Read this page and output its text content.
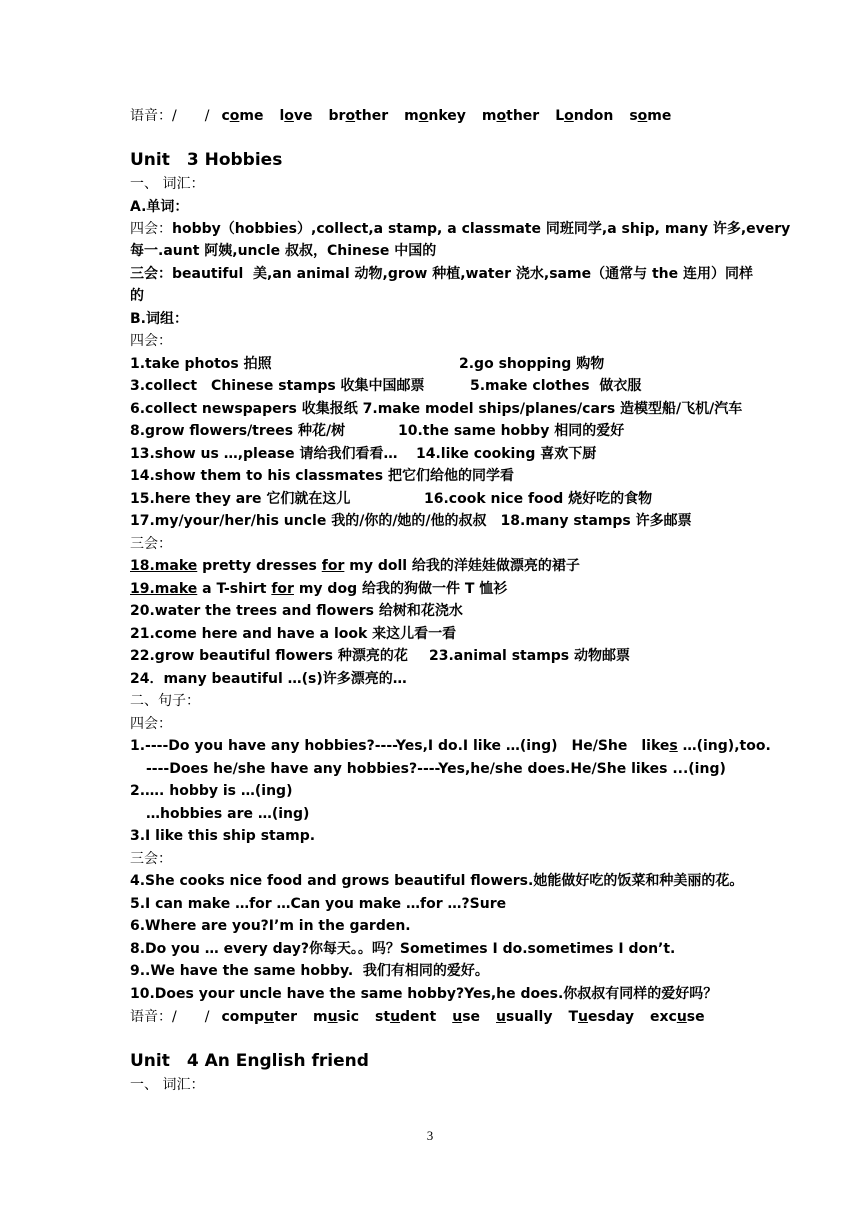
语音：/　　/ come love brother monkey mother London some
Unit　3 Hobbies
一、 词汇：
A.单词：
四会：hobby（hobbies）,collect,a stamp, a classmate 同班同学,a ship, many 许多,every
每一.aunt 阿姨,uncle 叔叔，Chinese 中国的
三会：beautiful  美,an animal 动物,grow 种植,water 浇水,same（通常与 the 连用）同样
的
B.词组：
四会：
1.take photos 拍照	2.go shopping 购物
3.collect　Chinese stamps 收集中国邮票	5.make clothes  做衣服
6.collect newspapers 收集报纸 7.make model ships/planes/cars 造模型船/飞机/汽车
8.grow flowers/trees 种花/树	10.the same hobby 相同的爱好
13.show us …,please 请给我们看看… 14.like cooking 喜欢下厨
14.show them to his classmates 把它们给他的同学看
15.here they are 它们就在这儿	16.cook nice food 烧好吃的食物
17.my/your/her/his uncle 我的/你的/她的/他的叔叔　18.many stamps 许多邮票
三会：
18.make pretty dresses for my doll 给我的洋娃娃做漂亮的裙子
19.make a T-shirt for my dog 给我的狗做一件 T 恤衫
20.water the trees and flowers 给树和花浇水
21.come here and have a look 来这儿看一看
22.grow beautiful flowers 种漂亮的花 23.animal stamps 动物邮票
24．many beautiful …(s)许多漂亮的…
二、句子：
四会：
1.----Do you have any hobbies?----Yes,I do.I like …(ing)　He/She　likes …(ing),too.
----Does he/she have any hobbies?----Yes,he/she does.He/She likes ...(ing)
2.…. hobby is …(ing)
…hobbies are …(ing)
3.I like this ship stamp.
三会：
4.She cooks nice food and grows beautiful flowers.她能做好吃的饭菜和种美丽的花。
5.I can make …for …Can you make …for …?Sure
6.Where are you?I’m in the garden.
8.Do you … every day?你每天。。吗？Sometimes I do.sometimes I don’t.
9..We have the same hobby.  我们有相同的爱好。
10.Does your uncle have the same hobby?Yes,he does.你叔叔有同样的爱好吗？
语音：/　　/ computer music student use usually Tuesday excuse
Unit　4 An English friend
一、 词汇：
3
